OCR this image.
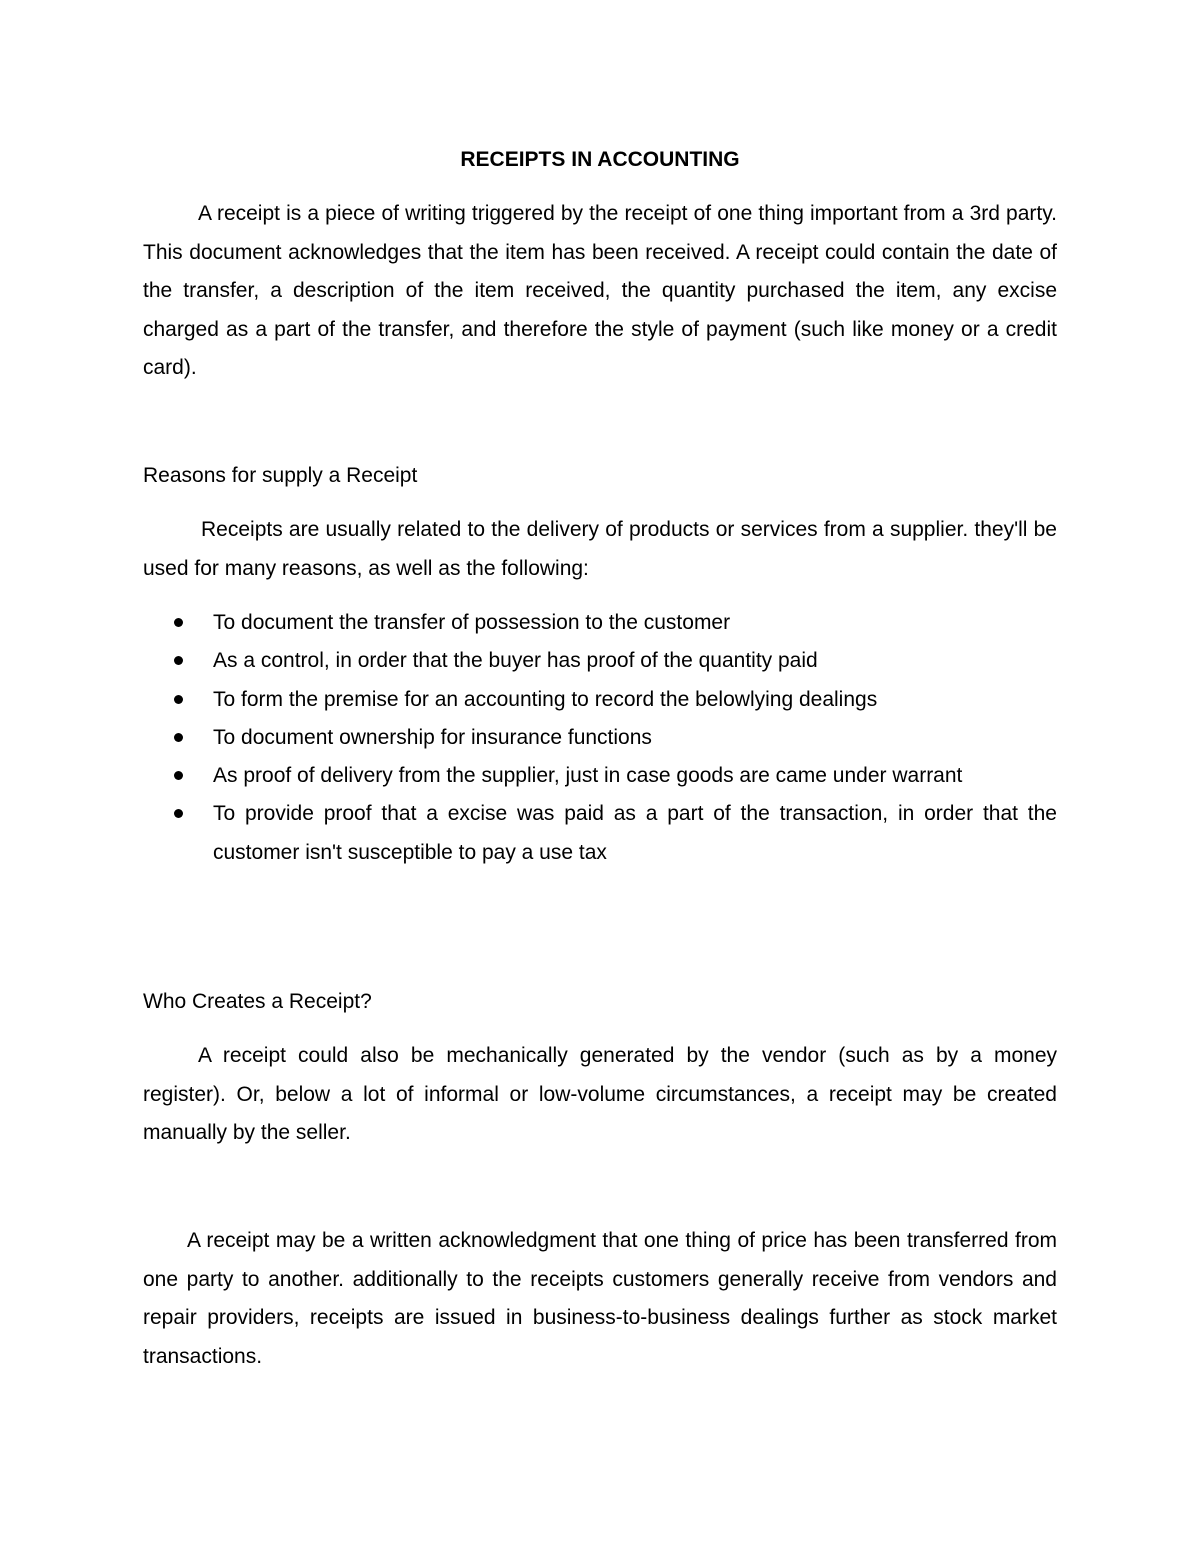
RECEIPTS IN ACCOUNTING

A receipt is a piece of writing triggered by the receipt of one thing important from a 3rd party. This document acknowledges that the item has been received. A receipt could contain the date of the transfer, a description of the item received, the quantity purchased the item, any excise charged as a part of the transfer, and therefore the style of payment (such like money or a credit card).

Reasons for supply a Receipt

Receipts are usually related to the delivery of products or services from a supplier. they'll be used for many reasons, as well as the following:

To document the transfer of possession to the customer
As a control, in order that the buyer has proof of the quantity paid
To form the premise for an accounting to record the belowlying dealings
To document ownership for insurance functions
As proof of delivery from the supplier, just in case goods are came under warrant
To provide proof that a excise was paid as a part of the transaction, in order that the customer isn't susceptible to pay a use tax
Who Creates a Receipt?

A receipt could also be mechanically generated by the vendor (such as by a money register). Or, below a lot of informal or low-volume circumstances, a receipt may be created manually by the seller.

A receipt may be a written acknowledgment that one thing of price has been transferred from one party to another. additionally to the receipts customers generally receive from vendors and repair providers, receipts are issued in business-to-business dealings further as stock market transactions.
